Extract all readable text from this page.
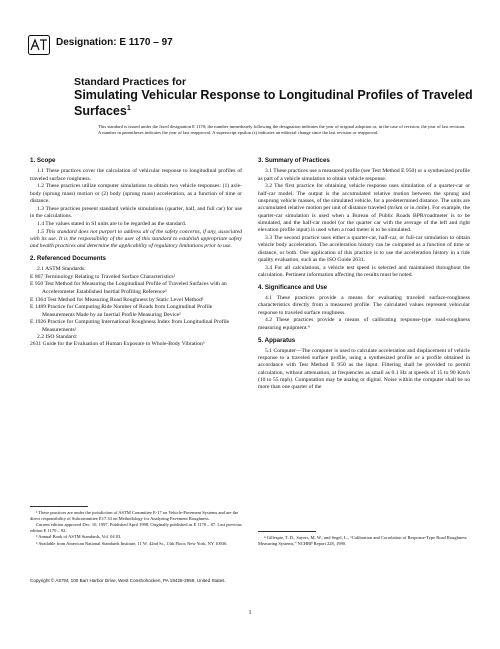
Designation: E 1170 – 97

Standard Practices for

Simulating Vehicular Response to Longitudinal Profiles of Traveled Surfaces$^1$

This standard is issued under the fixed designation E 1170; the number immediately following the designation indicates the year of original adoption or, in the case of revision, the year of last revision. A number in parentheses indicates the year of last reapproval. A superscript epsilon (ε) indicates an editorial change since the last revision or reapproval.
1. Scope

1.1 These practices cover the calculation of vehicular response to longitudinal profiles of traveled surface roughness.

1.2 These practices utilize computer simulations to obtain two vehicle responses: (1) axle-body (sprung mass) motion or (2) body (sprung mass) acceleration, as a function of time or distance.

1.3 These practices present standard vehicle simulations (quarter, half, and full car) for use in the calculations.

1.4 The values stated in SI units are to be regarded as the standard.

1.5 This standard does not purport to address all of the safety concerns, if any, associated with its use. It is the responsibility of the user of this standard to establish appropriate safety and health practices and determine the applicability of regulatory limitations prior to use.

2. Referenced Documents

2.1 ASTM Standards:

E 867 Terminology Relating to Traveled Surface Characteristics²

E 950 Test Method for Measuring the Longitudinal Profile of Traveled Surfaces with an Accelerometer Established Inertial Profiling Reference²

E 1364 Test Method for Measuring Road Roughness by Static Level Method²

E 1489 Practice for Computing Ride Number of Roads from Longitudinal Profile Measurements Made by an Inertial Profile Measuring Device²

E 1926 Practice for Computing International Roughness Index from Longitudinal Profile Measurements²

2.2 ISO Standard:

2631 Guide for the Evaluation of Human Exposure to Whole-Body Vibration³

¹ These practices are under the jurisdiction of ASTM Committee E-17 on Vehicle-Pavement Systems and are the direct responsibility of Subcommittee E17.33 on Methodology for Analyzing Pavement Roughness.

Current edition approved Dec. 10, 1997. Published April 1998. Originally published as E 1170 – 87. Last previous edition E 1170 – 92.

² Annual Book of ASTM Standards, Vol. 04.03.

³ Available from American National Standards Institute, 11 W. 42nd St., 13th Floor, New York, NY 10036.

3. Summary of Practices

3.1 These practices use a measured profile (see Test Method E 950) or a synthesized profile as part of a vehicle simulation to obtain vehicle response.

3.2 The first practice for obtaining vehicle response uses simulation of a quarter-car or half-car model. The output is the accumulated relative motion between the sprung and unsprung vehicle masses, of the simulated vehicle, for a predetermined distance. The units are accumulated relative motion per unit of distance traveled (m/km or in./mile). For example, the quarter-car simulation is used when a Bureau of Public Roads BPR/roadmeter is to be simulated, and the half-car model (or the quarter car with the average of the left and right elevation profile input) is used when a road meter is to be simulated.

3.3 The second practice uses either a quarter-car, half-car, or full-car simulation to obtain vehicle body acceleration. The acceleration history can be computed as a function of time or distance, or both. One application of this practice is to use the acceleration history in a ride quality evaluation, such as the ISO Guide 2631.

3.4 For all calculations, a vehicle test speed is selected and maintained throughout the calculation. Pertinent information affecting the results must be noted.

4. Significance and Use

4.1 These practices provide a means for evaluating traveled surface-roughness characteristics directly from a measured profile. The calculated values represent vehicular response to traveled surface roughness.

4.2 These practices provide a means of calibrating response-type road-roughness measuring equipment.⁴

5. Apparatus

5.1 Computer—The computer is used to calculate acceleration and displacement of vehicle response to a traveled surface profile, using a synthesized profile or a profile obtained in accordance with Test Method E 950 as the input. Filtering shall be provided to permit calculation, without attenuation, at frequencies as small as 0.1 Hz at speeds of 15 to 90 Km/h (10 to 55 mph). Computation may be analog or digital. Noise within the computer shall be no more than one quarter of the

⁴ Gillespie, T. D., Sayers, M. W., and Segel, L., “Calibration and Correlation of Response-Type Road Roughness Measuring Systems,” NCHRP Report 228, 1980.

Copyright © ASTM, 100 Barr Harbor Drive, West Conshohocken, PA 19428-2959, United States.
1
